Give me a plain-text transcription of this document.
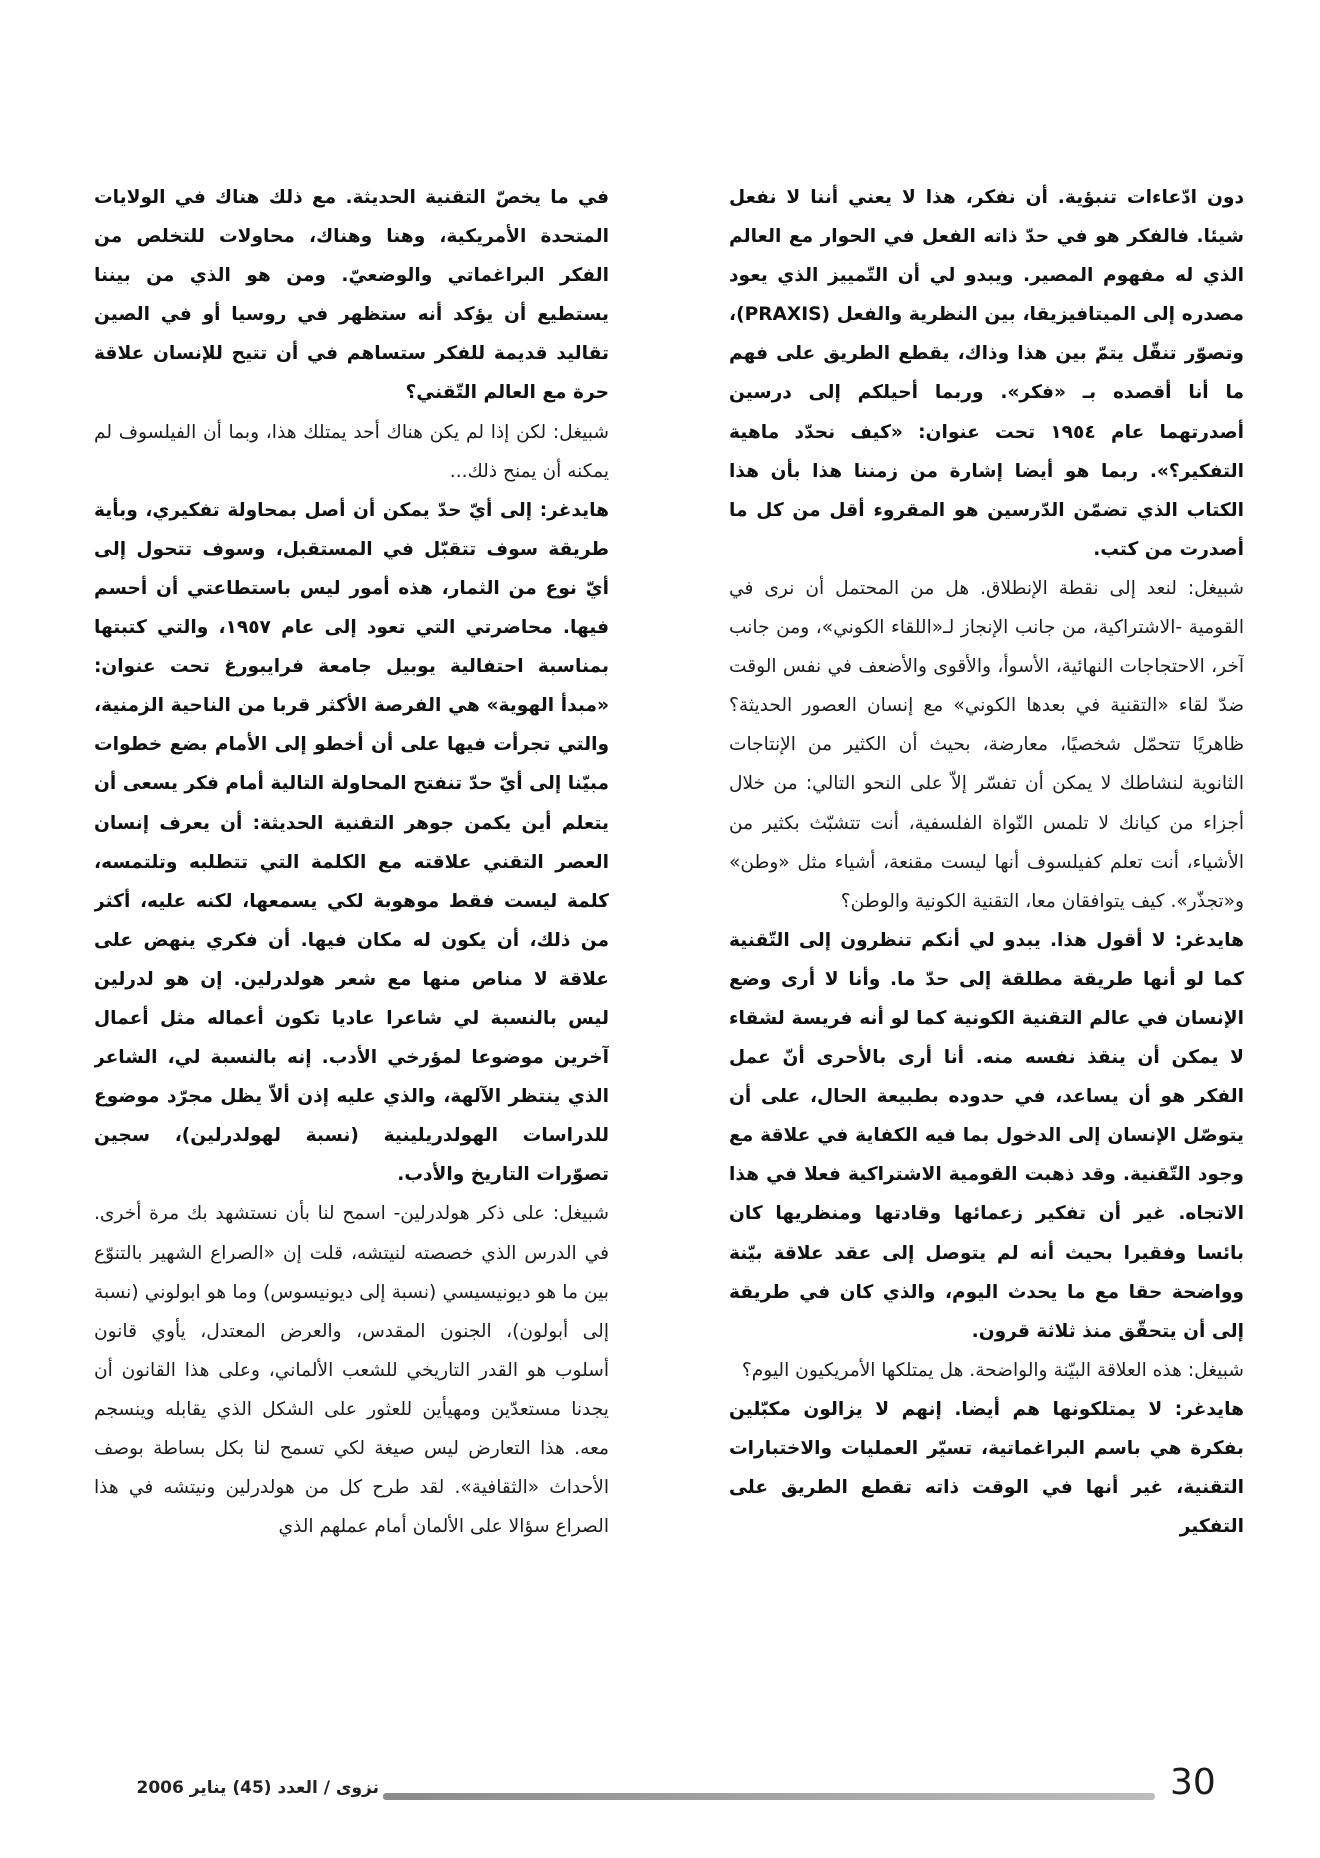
دون ادّعاءات تنبؤية. أن نفكر، هذا لا يعني أننا لا نفعل شيئا. فالفكر هو في حدّ ذاته الفعل في الحوار مع العالم الذي له مفهوم المصير. ويبدو لي أن التّمييز الذي يعود مصدره إلى الميتافيزيقا، بين النظرية والفعل (PRAXIS)، وتصوّر تنقّل يتمّ بين هذا وذاك، يقطع الطريق على فهم ما أنا أقصده بـ «فكر». وربما أحيلكم إلى درسين أصدرتهما عام ١٩٥٤ تحت عنوان: «كيف نحدّد ماهية التفكير؟». ربما هو أيضا إشارة من زمننا هذا بأن هذا الكتاب الذي تضمّن الدّرسين هو المقروء أقل من كل ما أصدرت من كتب.

شبيغل: لنعد إلى نقطة الإنطلاق. هل من المحتمل أن نرى في القومية -الاشتراكية، من جانب الإنجاز لـ«اللقاء الكوني»، ومن جانب آخر، الاحتجاجات النهائية، الأسوأ، والأقوى والأضعف في نفس الوقت ضدّ لقاء «التقنية في بعدها الكوني» مع إنسان العصور الحديثة؟ ظاهريًا تتحمّل شخصيًا، معارضة، بحيث أن الكثير من الإنتاجات الثانوية لنشاطك لا يمكن أن تفسّر إلاّ على النحو التالي: من خلال أجزاء من كيانك لا تلمس النّواة الفلسفية، أنت تتشبّث بكثير من الأشياء، أنت تعلم كفيلسوف أنها ليست مقنعة، أشياء مثل «وطن» و«تجذّر». كيف يتوافقان معا، التقنية الكونية والوطن؟

هايدغر: لا أقول هذا. يبدو لي أنكم تنظرون إلى التّقنية كما لو أنها طريقة مطلقة إلى حدّ ما. وأنا لا أرى وضع الإنسان في عالم التقنية الكونية كما لو أنه فريسة لشقاء لا يمكن أن ينقذ نفسه منه. أنا أرى بالأحرى أنّ عمل الفكر هو أن يساعد، في حدوده بطبيعة الحال، على أن يتوصّل الإنسان إلى الدخول بما فيه الكفاية في علاقة مع وجود التّقنية. وقد ذهبت القومية الاشتراكية فعلا في هذا الاتجاه. غير أن تفكير زعمائها وقادتها ومنظريها كان بائسا وفقيرا بحيث أنه لم يتوصل إلى عقد علاقة بيّنة وواضحة حقا مع ما يحدث اليوم، والذي كان في طريقة إلى أن يتحقّق منذ ثلاثة قرون.

شبيغل: هذه العلاقة البيّنة والواضحة. هل يمتلكها الأمريكيون اليوم؟

هايدغر: لا يمتلكونها هم أيضا. إنهم لا يزالون مكبّلين بفكرة هي باسم البراغماتية، تسيّر العمليات والاختبارات التقنية، غير أنها في الوقت ذاته تقطع الطريق على التفكير

في ما يخصّ التقنية الحديثة. مع ذلك هناك في الولايات المتحدة الأمريكية، وهنا وهناك، محاولات للتخلص من الفكر البراغماتي والوضعيّ. ومن هو الذي من بيننا يستطيع أن يؤكد أنه ستظهر في روسيا أو في الصين تقاليد قديمة للفكر ستساهم في أن تتيح للإنسان علاقة حرة مع العالم التّقني؟

شبيغل: لكن إذا لم يكن هناك أحد يمتلك هذا، وبما أن الفيلسوف لم يمكنه أن يمنح ذلك...

هايدغر: إلى أيّ حدّ يمكن أن أصل بمحاولة تفكيري، وبأية طريقة سوف تتقبّل في المستقبل، وسوف تتحول إلى أيّ نوع من الثمار، هذه أمور ليس باستطاعتي أن أحسم فيها. محاضرتي التي تعود إلى عام ١٩٥٧، والتي كتبتها بمناسبة احتفالية يوبيل جامعة فرايبورغ تحت عنوان: «مبدأ الهوية» هي الفرصة الأكثر قربا من الناحية الزمنية، والتي تجرأت فيها على أن أخطو إلى الأمام بضع خطوات مبيّنا إلى أيّ حدّ تنفتح المحاولة التالية أمام فكر يسعى أن يتعلم أين يكمن جوهر التقنية الحديثة: أن يعرف إنسان العصر التقني علاقته مع الكلمة التي تتطلبه وتلتمسه، كلمة ليست فقط موهوبة لكي يسمعها، لكنه عليه، أكثر من ذلك، أن يكون له مكان فيها. أن فكري ينهض على علاقة لا مناص منها مع شعر هولدرلين. إن هو لدرلين ليس بالنسبة لي شاعرا عاديا تكون أعماله مثل أعمال آخرين موضوعا لمؤرخي الأدب. إنه بالنسبة لي، الشاعر الذي ينتظر الآلهة، والذي عليه إذن ألاّ يظل مجرّد موضوع للدراسات الهولدريلينية (نسبة لهولدرلين)، سجين تصوّرات التاريخ والأدب.

شبيغل: على ذكر هولدرلين- اسمح لنا بأن نستشهد بك مرة أخرى. في الدرس الذي خصصته لنيتشه، قلت إن «الصراع الشهير بالتنوّع بين ما هو ديونيسيسي (نسبة إلى ديونيسوس) وما هو ابولوني (نسبة إلى أبولون)، الجنون المقدس، والعرض المعتدل، يأوي قانون أسلوب هو القدر التاريخي للشعب الألماني، وعلى هذا القانون أن يجدنا مستعدّين ومهيأين للعثور على الشكل الذي يقابله وينسجم معه. هذا التعارض ليس صيغة لكي تسمح لنا بكل بساطة بوصف الأحداث «الثقافية». لقد طرح كل من هولدرلين ونيتشه في هذا الصراع سؤالا على الألمان أمام عملهم الذي

30
نزوى / العدد (45) يناير 2006
